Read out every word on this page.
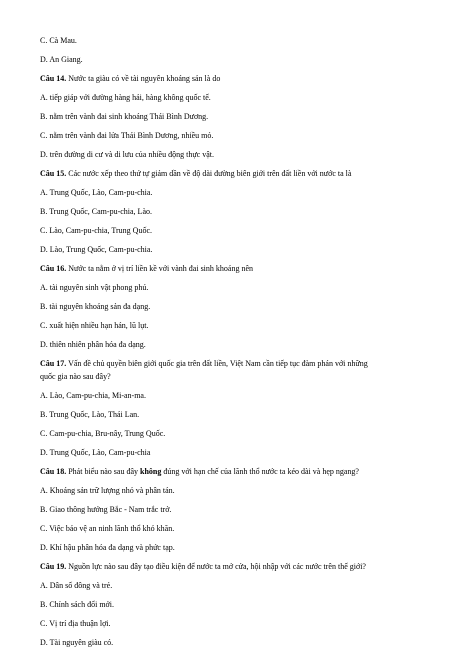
C. Cà Mau.
D. An Giang.
Câu 14. Nước ta giàu có về tài nguyên khoáng sản là do
A. tiếp giáp với đường hàng hải, hàng không quốc tế.
B. nằm trên vành đai sinh khoáng Thái Bình Dương.
C. nằm trên vành đai lửa Thái Bình Dương, nhiều mỏ.
D. trên đường di cư và di lưu của nhiều động thực vật.
Câu 15. Các nước xếp theo thứ tự giảm dần về độ dài đường biên giới trên đất liền với nước ta là
A. Trung Quốc, Lào, Cam-pu-chia.
B. Trung Quốc, Cam-pu-chia, Lào.
C. Lào, Cam-pu-chia, Trung Quốc.
D. Lào, Trung Quốc, Cam-pu-chia.
Câu 16. Nước ta nằm ở vị trí liền kề với vành đai sinh khoáng nên
A. tài nguyên sinh vật phong phú.
B. tài nguyên khoáng sản đa dạng.
C. xuất hiện nhiều hạn hán, lũ lụt.
D. thiên nhiên phân hóa đa dạng.
Câu 17. Vấn đề chủ quyền biên giới quốc gia trên đất liền, Việt Nam cần tiếp tục đàm phán với những
quốc gia nào sau đây?
A. Lào, Cam-pu-chia, Mi-an-ma.
B. Trung Quốc, Lào, Thái Lan.
C. Cam-pu-chia, Bru-nây, Trung Quốc.
D. Trung Quốc, Lào, Cam-pu-chia
Câu 18. Phát biểu nào sau đây không đúng với hạn chế của lãnh thổ nước ta kéo dài và hẹp ngang?
A. Khoáng sản trữ lượng nhỏ và phân tán.
B. Giao thông hướng Bắc - Nam trắc trở.
C. Việc bảo vệ an ninh lãnh thổ khó khăn.
D. Khí hậu phân hóa đa dạng và phức tạp.
Câu 19. Nguồn lực nào sau đây tạo điều kiện để nước ta mở cửa, hội nhập với các nước trên thế giới?
A. Dân số đông và trẻ.
B. Chính sách đổi mới.
C. Vị trí địa thuận lợi.
D. Tài nguyên giàu có.
